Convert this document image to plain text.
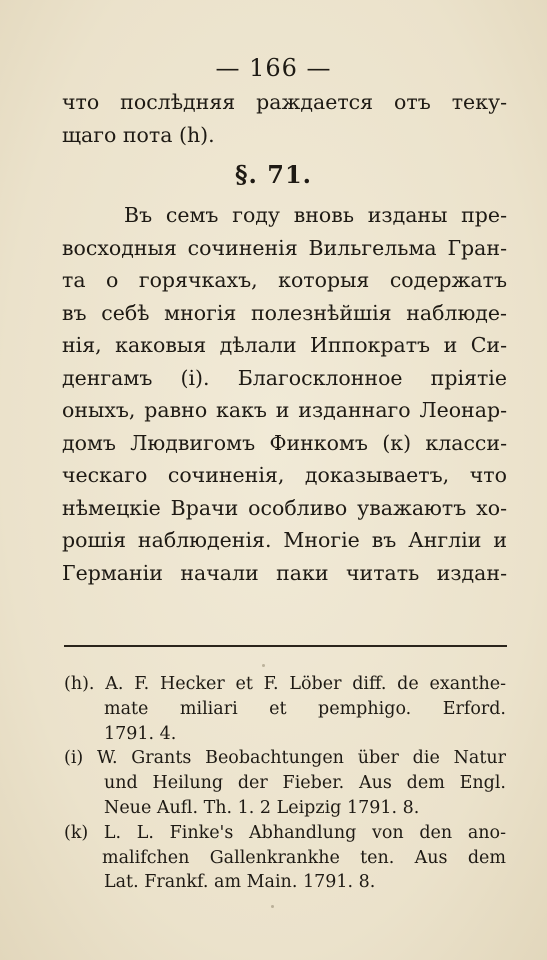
— 166 —
что послѣдняя раждается отъ теку-
щаго пота (h).
§. 71.
Въ семъ году вновь изданы пре-
восходныя сочиненія Вильгельма Гран-
та о горячкахъ, которыя содержатъ
въ себѣ многія полезнѣйшія наблюде-
нія, каковыя дѣлали Иппократъ и Си-
денгамъ (i). Благосклонное пріятіе
оныхъ, равно какъ и изданнаго Леонар-
домъ Людвигомъ Финкомъ (к) класси-
ческаго сочиненія, доказываетъ, что
нѣмецкіе Врачи особливо уважаютъ хо-
рошія наблюденія. Многіе въ Англіи и
Германіи начали паки читать издан-
(h). A. F. Hecker et F. Löber diff. de exanthe-
mate miliari et pemphigo. Erford.
1791. 4.
(i) W. Grants Beobachtungen über die Natur
und Heilung der Fieber. Aus dem Engl.
Neue Aufl. Th. 1. 2 Leipzig 1791. 8.
(k) L. L. Finke's Abhandlung von den ano-
malifchen Gallenkrankhe ten. Aus dem
Lat. Frankf. am Main. 1791. 8.
